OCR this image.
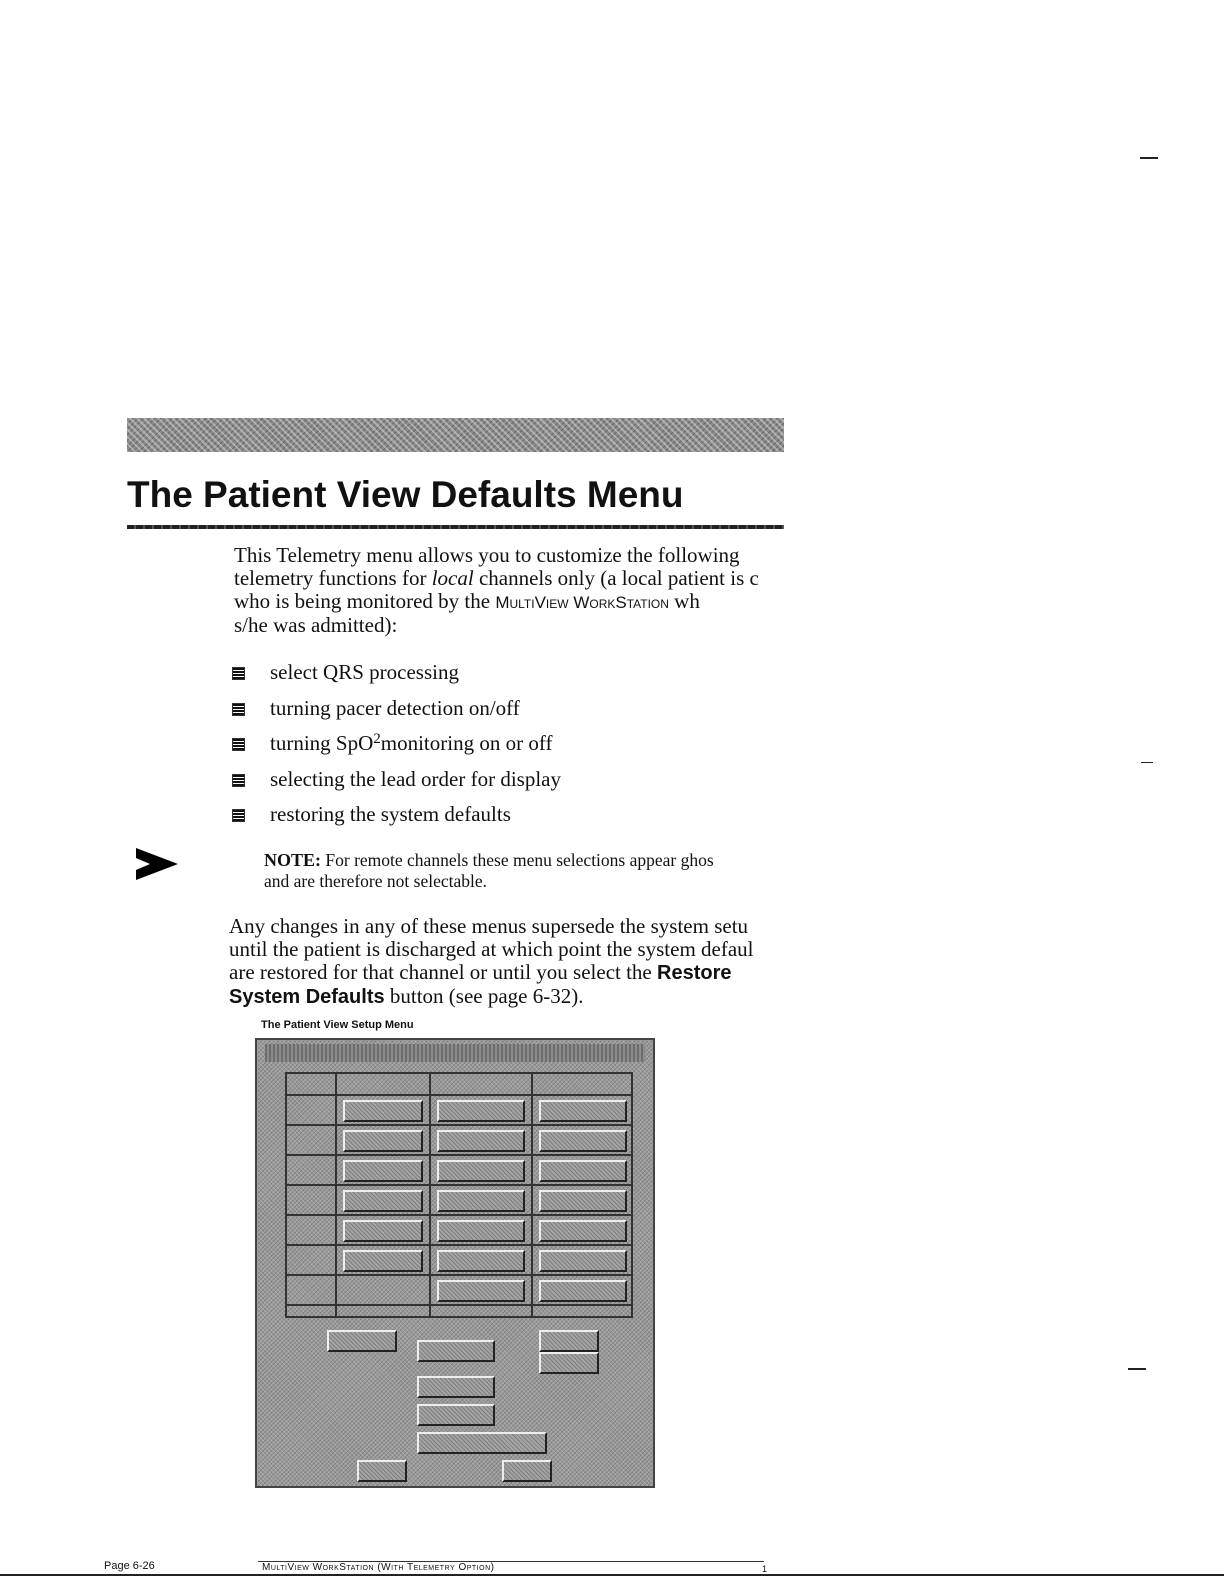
The Patient View Defaults Menu
This Telemetry menu allows you to customize the following
telemetry functions for local channels only (a local patient is c
who is being monitored by the MultiView WorkStation wh
s/he was admitted):
select QRS processing
turning pacer detection on/off
turning SpO 2 monitoring on or off
selecting the lead order for display
restoring the system defaults
NOTE: For remote channels these menu selections appear ghos
and are therefore not selectable.
Any changes in any of these menus supersede the system setu
until the patient is discharged at which point the system defaul
are restored for that channel or until you select the Restore
System Defaults button (see page 6-32).
The Patient View Setup Menu
Page 6-26	MultiView WorkStation (With Telemetry Option)	1
